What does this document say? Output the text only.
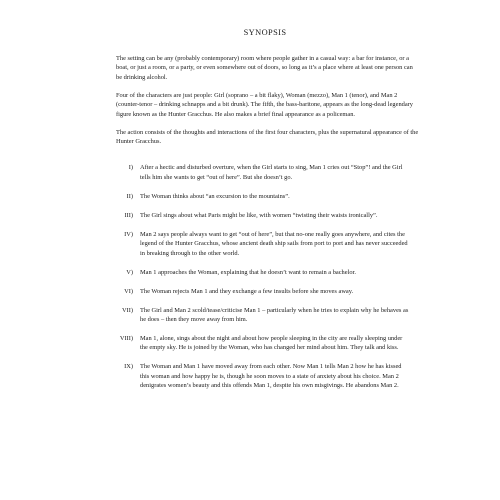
SYNOPSIS

The setting can be any (probably contemporary) room where people gather in a casual way: a bar for instance, or a boat, or just a room, or a party, or even somewhere out of doors, so long as it’s a place where at least one person can be drinking alcohol.

Four of the characters are just people: Girl (soprano – a bit flaky), Woman (mezzo), Man 1 (tenor), and Man 2 (counter-tenor – drinking schnapps and a bit drunk). The fifth, the bass-baritone, appears as the long-dead legendary figure known as the Hunter Gracchus. He also makes a brief final appearance as a policeman.

The action consists of the thoughts and interactions of the first four characters, plus the supernatural appearance of the Hunter Gracchus.

I)	After a hectic and disturbed overture, when the Girl starts to sing, Man 1 cries out “Stop”! and the Girl tells him she wants to get “out of here”. But she doesn’t go.
II)	The Woman thinks about “an excursion to the mountains”.
III)	The Girl sings about what Paris might be like, with women “twisting their waists ironically”.
IV)	Man 2 says people always want to get “out of here”, but that no-one really goes anywhere, and cites the legend of the Hunter Gracchus, whose ancient death ship sails from port to port and has never succeeded in breaking through to the other world.
V)	Man 1 approaches the Woman, explaining that he doesn’t want to remain a bachelor.
VI)	The Woman rejects Man 1 and they exchange a few insults before she moves away.
VII)	The Girl and Man 2 scold/tease/criticise Man 1 – particularly when he tries to explain why he behaves as he does – then they move away from him.
VIII)	Man 1, alone, sings about the night and about how people sleeping in the city are really sleeping under the empty sky. He is joined by the Woman, who has changed her mind about him. They talk and kiss.
IX)	The Woman and Man 1 have moved away from each other. Now Man 1 tells Man 2 how he has kissed this woman and how happy he is, though he soon moves to a state of anxiety about his choice. Man 2 denigrates women’s beauty and this offends Man 1, despite his own misgivings. He abandons Man 2.
